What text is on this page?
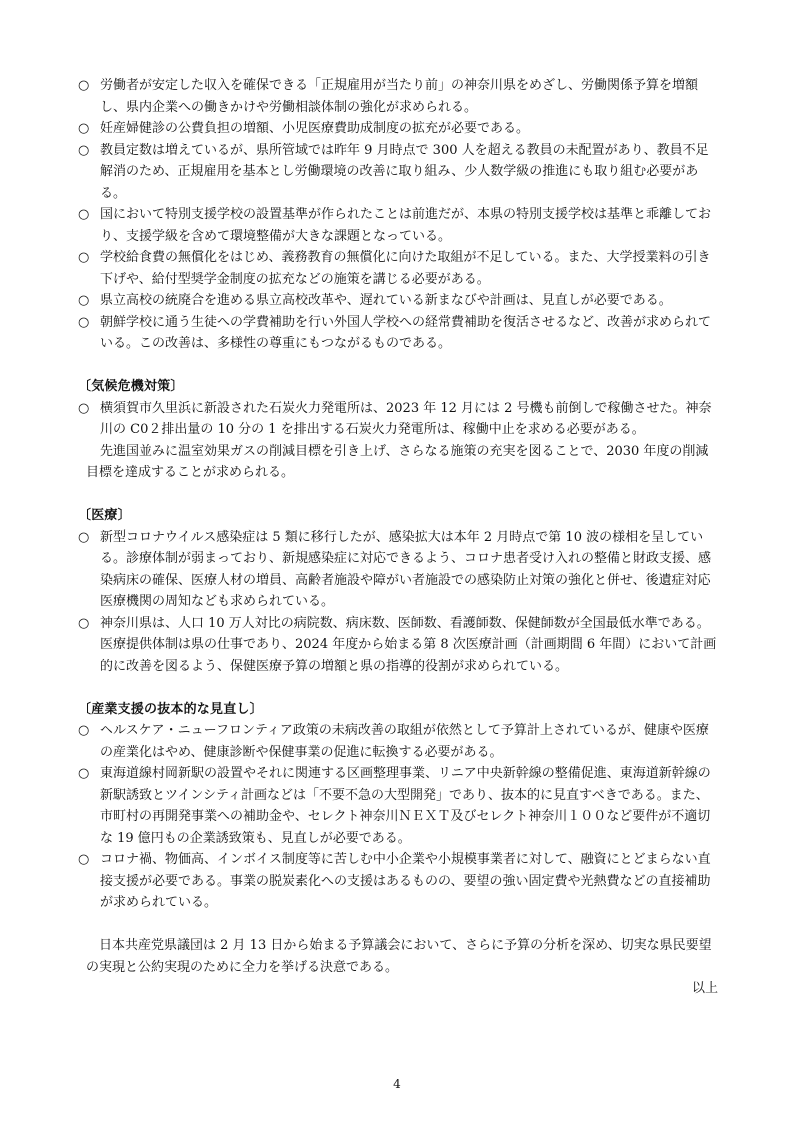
○ 労働者が安定した収入を確保できる「正規雇用が当たり前」の神奈川県をめざし、労働関係予算を増額し、県内企業への働きかけや労働相談体制の強化が求められる。

○ 妊産婦健診の公費負担の増額、小児医療費助成制度の拡充が必要である。

○ 教員定数は増えているが、県所管域では昨年 9 月時点で 300 人を超える教員の未配置があり、教員不足解消のため、正規雇用を基本とし労働環境の改善に取り組み、少人数学級の推進にも取り組む必要がある。

○ 国において特別支援学校の設置基準が作られたことは前進だが、本県の特別支援学校は基準と乖離しており、支援学級を含めて環境整備が大きな課題となっている。

○ 学校給食費の無償化をはじめ、義務教育の無償化に向けた取組が不足している。また、大学授業料の引き下げや、給付型奨学金制度の拡充などの施策を講じる必要がある。

○ 県立高校の統廃合を進める県立高校改革や、遅れている新まなびや計画は、見直しが必要である。

○ 朝鮮学校に通う生徒への学費補助を行い外国人学校への経常費補助を復活させるなど、改善が求められている。この改善は、多様性の尊重にもつながるものである。

〔気候危機対策〕

○ 横須賀市久里浜に新設された石炭火力発電所は、2023 年 12 月には 2 号機も前倒しで稼働させた。神奈川の C0２排出量の 10 分の 1 を排出する石炭火力発電所は、稼働中止を求める必要がある。

先進国並みに温室効果ガスの削減目標を引き上げ、さらなる施策の充実を図ることで、2030 年度の削減目標を達成することが求められる。

〔医療〕

○ 新型コロナウイルス感染症は 5 類に移行したが、感染拡大は本年 2 月時点で第 10 波の様相を呈している。診療体制が弱まっており、新規感染症に対応できるよう、コロナ患者受け入れの整備と財政支援、感染病床の確保、医療人材の増員、高齢者施設や障がい者施設での感染防止対策の強化と併せ、後遺症対応医療機関の周知なども求められている。

○ 神奈川県は、人口 10 万人対比の病院数、病床数、医師数、看護師数、保健師数が全国最低水準である。医療提供体制は県の仕事であり、2024 年度から始まる第 8 次医療計画（計画期間 6 年間）において計画的に改善を図るよう、保健医療予算の増額と県の指導的役割が求められている。

〔産業支援の抜本的な見直し〕

○ ヘルスケア・ニューフロンティア政策の未病改善の取組が依然として予算計上されているが、健康や医療の産業化はやめ、健康診断や保健事業の促進に転換する必要がある。

○ 東海道線村岡新駅の設置やそれに関連する区画整理事業、リニア中央新幹線の整備促進、東海道新幹線の新駅誘致とツインシティ計画などは「不要不急の大型開発」であり、抜本的に見直すべきである。また、市町村の再開発事業への補助金や、セレクト神奈川ＮＥＸＴ及びセレクト神奈川１００など要件が不適切な 19 億円もの企業誘致策も、見直しが必要である。

○ コロナ禍、物価高、インボイス制度等に苦しむ中小企業や小規模事業者に対して、融資にとどまらない直接支援が必要である。事業の脱炭素化への支援はあるものの、要望の強い固定費や光熱費などの直接補助が求められている。

日本共産党県議団は 2 月 13 日から始まる予算議会において、さらに予算の分析を深め、切実な県民要望の実現と公約実現のために全力を挙げる決意である。

以上

4
